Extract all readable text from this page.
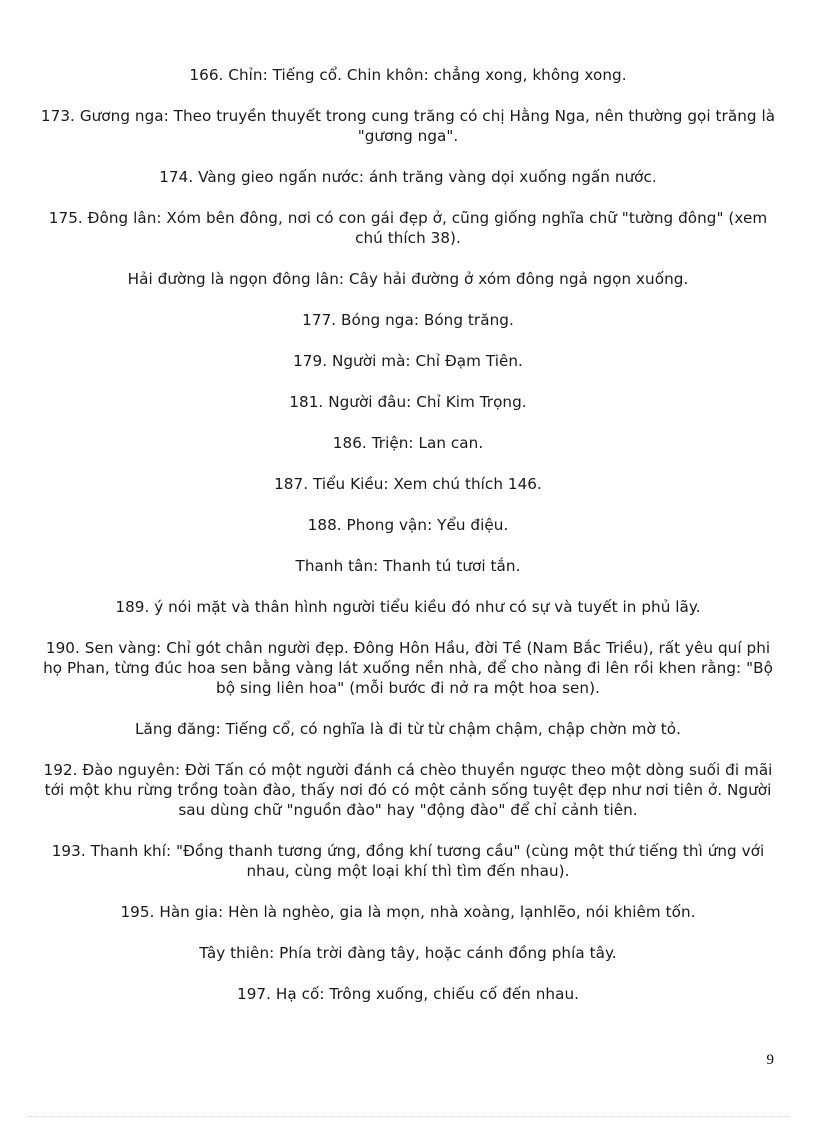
166. Chỉn: Tiếng cổ. Chin khôn: chẳng xong, không xong.

173. Gương nga: Theo truyền thuyết trong cung trăng có chị Hằng Nga, nên thường gọi trăng là "gương nga".

174. Vàng gieo ngấn nước: ánh trăng vàng dọi xuống ngấn nước.

175. Đông lân: Xóm bên đông, nơi có con gái đẹp ở, cũng giống nghĩa chữ "tường đông" (xem chú thích 38).

Hải đường là ngọn đông lân: Cây hải đường ở xóm đông ngả ngọn xuống.

177. Bóng nga: Bóng trăng.

179. Người mà: Chỉ Đạm Tiên.

181. Người đâu: Chỉ Kim Trọng.

186. Triện: Lan can.

187. Tiểu Kiều: Xem chú thích 146.

188. Phong vận: Yểu điệu.

Thanh tân: Thanh tú tươi tắn.

189. ý nói mặt và thân hình người tiểu kiều đó như có sự và tuyết in phủ lãy.

190. Sen vàng: Chỉ gót chân người đẹp. Đông Hôn Hầu, đời Tề (Nam Bắc Triều), rất yêu quí phi họ Phan, từng đúc hoa sen bằng vàng lát xuống nền nhà, để cho nàng đi lên rồi khen rằng: "Bộ bộ sing liên hoa" (mỗi bước đi nở ra một hoa sen).

Lăng đăng: Tiếng cổ, có nghĩa là đi từ từ chậm chậm, chập chờn mờ tỏ.

192. Đào nguyên: Đời Tấn có một người đánh cá chèo thuyền ngược theo một dòng suối đi mãi tới một khu rừng trồng toàn đào, thấy nơi đó có một cảnh sống tuyệt đẹp như nơi tiên ở. Người sau dùng chữ "nguồn đào" hay "động đào" để chỉ cảnh tiên.

193. Thanh khí: "Đồng thanh tương ứng, đồng khí tương cầu" (cùng một thứ tiếng thì ứng với nhau, cùng một loại khí thì tìm đến nhau).

195. Hàn gia: Hèn là nghèo, gia là mọn, nhà xoàng, lạnhlẽo, nói khiêm tốn.

Tây thiên: Phía trời đàng tây, hoặc cánh đồng phía tây.

197. Hạ cố: Trông xuống, chiếu cố đến nhau.

9
